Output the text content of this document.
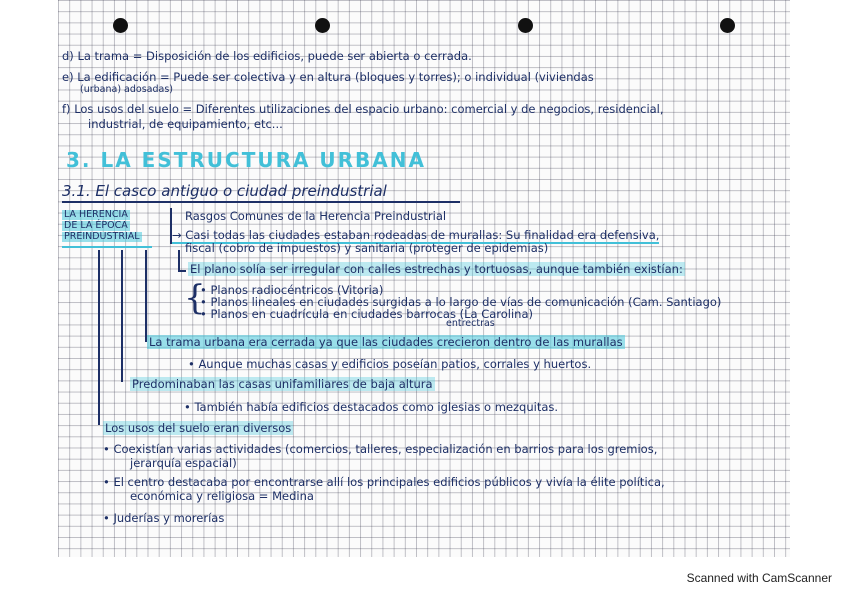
d) La trama = Disposición de los edificios, puede ser abierta o cerrada.
e) La edificación = Puede ser colectiva y en altura (bloques y torres); o individual (viviendas
(urbana) adosadas)
f) Los usos del suelo = Diferentes utilizaciones del espacio urbano: comercial y de negocios, residencial,
industrial, de equipamiento, etc...
3. LA ESTRUCTURA URBANA
3.1. El casco antiguo o ciudad preindustrial
LA HERENCIA
DE LA ÉPOCA
PREINDUSTRIAL
Rasgos Comunes de la Herencia Preindustrial
→ Casi todas las ciudades estaban rodeadas de murallas: Su finalidad era defensiva,
fiscal (cobro de impuestos) y sanitaria (proteger de epidemias)
El plano solía ser irregular con calles estrechas y tortuosas, aunque también existían:
{
• Planos radiocéntricos (Vitoria)
• Planos lineales en ciudades surgidas a lo largo de vías de comunicación (Cam. Santiago)
• Planos en cuadrícula en ciudades barrocas (La Carolina)
entrectras
La trama urbana era cerrada ya que las ciudades crecieron dentro de las murallas
• Aunque muchas casas y edificios poseían patios, corrales y huertos.
Predominaban las casas unifamiliares de baja altura
• También había edificios destacados como iglesias o mezquitas.
Los usos del suelo eran diversos
• Coexistían varias actividades (comercios, talleres, especialización en barrios para los gremios,
jerarquía espacial)
• El centro destacaba por encontrarse allí los principales edificios públicos y vivía la élite política,
económica y religiosa = Medina
• Juderías y morerías
Scanned with CamScanner
